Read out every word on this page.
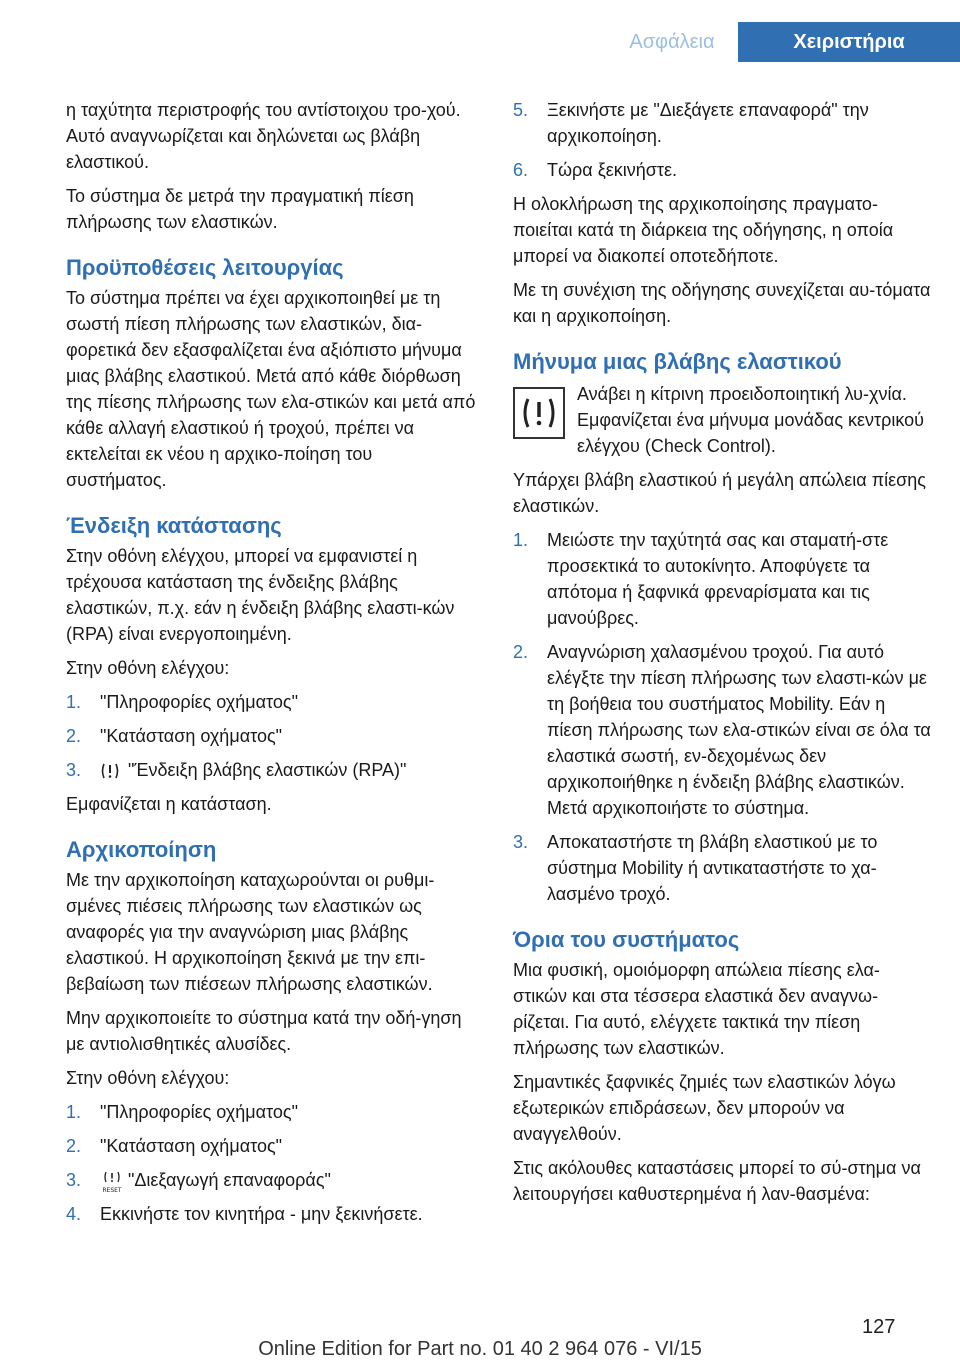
Ασφάλεια	Χειριστήρια

η ταχύτητα περιστροφής του αντίστοιχου τρο-χού. Αυτό αναγνωρίζεται και δηλώνεται ως βλάβη ελαστικού.

Το σύστημα δε μετρά την πραγματική πίεση πλήρωσης των ελαστικών.

Προϋποθέσεις λειτουργίας

Το σύστημα πρέπει να έχει αρχικοποιηθεί με τη σωστή πίεση πλήρωσης των ελαστικών, δια-φορετικά δεν εξασφαλίζεται ένα αξιόπιστο μήνυμα μιας βλάβης ελαστικού. Μετά από κάθε διόρθωση της πίεσης πλήρωσης των ελα-στικών και μετά από κάθε αλλαγή ελαστικού ή τροχού, πρέπει να εκτελείται εκ νέου η αρχικο-ποίηση του συστήματος.

Ένδειξη κατάστασης

Στην οθόνη ελέγχου, μπορεί να εμφανιστεί η τρέχουσα κατάσταση της ένδειξης βλάβης ελαστικών, π.χ. εάν η ένδειξη βλάβης ελαστι-κών (RPA) είναι ενεργοποιημένη.

Στην οθόνη ελέγχου:

1.	"Πληροφορίες οχήματος"
2.	"Κατάσταση οχήματος"
3.	"Ένδειξη βλάβης ελαστικών (RPA)"

Εμφανίζεται η κατάσταση.

Αρχικοποίηση

Με την αρχικοποίηση καταχωρούνται οι ρυθμι-σμένες πιέσεις πλήρωσης των ελαστικών ως αναφορές για την αναγνώριση μιας βλάβης ελαστικού. Η αρχικοποίηση ξεκινά με την επι-βεβαίωση των πιέσεων πλήρωσης ελαστικών.

Μην αρχικοποιείτε το σύστημα κατά την οδή-γηση με αντιολισθητικές αλυσίδες.

Στην οθόνη ελέγχου:

1.	"Πληροφορίες οχήματος"
2.	"Κατάσταση οχήματος"
3.
RESET
"Διεξαγωγή επαναφοράς"
4.	Εκκινήστε τον κινητήρα - μην ξεκινήσετε.
5.	Ξεκινήστε με "Διεξάγετε επαναφορά" την αρχικοποίηση.
6.	Τώρα ξεκινήστε.

Η ολοκλήρωση της αρχικοποίησης πραγματο-ποιείται κατά τη διάρκεια της οδήγησης, η οποία μπορεί να διακοπεί οποτεδήποτε.

Με τη συνέχιση της οδήγησης συνεχίζεται αυ-τόματα και η αρχικοποίηση.

Μήνυμα μιας βλάβης ελαστικού
Ανάβει η κίτρινη προειδοποιητική λυ-χνία. Εμφανίζεται ένα μήνυμα μονάδας κεντρικού ελέγχου (Check Control).

Υπάρχει βλάβη ελαστικού ή μεγάλη απώλεια πίεσης ελαστικών.

1.	Μειώστε την ταχύτητά σας και σταματή-στε προσεκτικά το αυτοκίνητο. Αποφύγετε τα απότομα ή ξαφνικά φρεναρίσματα και τις μανούβρες.
2.	Αναγνώριση χαλασμένου τροχού. Για αυτό ελέγξτε την πίεση πλήρωσης των ελαστι-κών με τη βοήθεια του συστήματος Mobility. Εάν η πίεση πλήρωσης των ελα-στικών είναι σε όλα τα ελαστικά σωστή, εν-δεχομένως δεν αρχικοποιήθηκε η ένδειξη βλάβης ελαστικών. Μετά αρχικοποιήστε το σύστημα.
3.	Αποκαταστήστε τη βλάβη ελαστικού με το σύστημα Mobility ή αντικαταστήστε το χα-λασμένο τροχό.
Όρια του συστήματος

Μια φυσική, ομοιόμορφη απώλεια πίεσης ελα-στικών και στα τέσσερα ελαστικά δεν αναγνω-ρίζεται. Για αυτό, ελέγχετε τακτικά την πίεση πλήρωσης των ελαστικών.

Σημαντικές ξαφνικές ζημιές των ελαστικών λόγω εξωτερικών επιδράσεων, δεν μπορούν να αναγγελθούν.

Στις ακόλουθες καταστάσεις μπορεί το σύ-στημα να λειτουργήσει καθυστερημένα ή λαν-θασμένα:

127
Online Edition for Part no. 01 40 2 964 076 - VI/15
